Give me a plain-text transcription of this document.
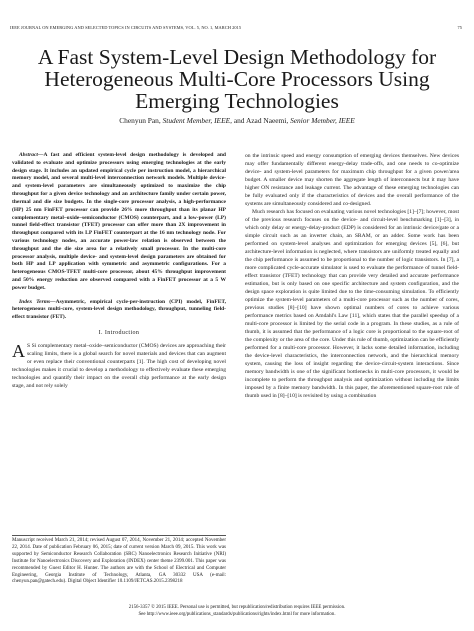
IEEE JOURNAL ON EMERGING AND SELECTED TOPICS IN CIRCUITS AND SYSTEMS, VOL. 5, NO. 1, MARCH 2015	75
A Fast System-Level Design Methodology for
Heterogeneous Multi-Core Processors Using
Emerging Technologies
Chenyun Pan, Student Member, IEEE, and Azad Naeemi, Senior Member, IEEE

Abstract—A fast and efficient system-level design methodology is developed and validated to evaluate and optimize processors using emerging technologies at the early design stage. It includes an updated empirical cycle per instruction model, a hierarchical memory model, and several multi-level interconnection network models. Multiple device- and system-level parameters are simultaneously optimized to maximize the chip throughput for a given device technology and an architecture family under certain power, thermal and die size budgets. In the single-core processor analysis, a high-performance (HP) 25 nm FinFET processor can provide 26% more throughput than its planar HP complementary metal–oxide–semiconductor (CMOS) counterpart, and a low-power (LP) tunnel field-effect transistor (TFET) processor can offer more than 2X improvement in throughput compared with its LP FinFET counterpart at the 16 nm technology node. For various technology nodes, an accurate power-law relation is observed between the throughput and the die size area for a relatively small processor. In the multi-core processor analysis, multiple device- and system-level design parameters are obtained for both HP and LP application with symmetric and asymmetric configurations. For a heterogeneous CMOS-TFET multi-core processor, about 45% throughput improvement and 50% energy reduction are observed compared with a FinFET processor at a 5 W power budget.

Index Terms—Asymmetric, empirical cycle-per-instruction (CPI) model, FinFET, heterogeneous multi-core, system-level design methodology, throughput, tunneling field-effect transistor (FET).

I. Introduction
A S Si complementary metal–oxide–semiconductor (CMOS) devices are approaching their scaling limits, there is a global search for novel materials and devices that can augment or even replace their conventional counterparts [1]. The high cost of developing novel technologies makes it crucial to develop a methodology to effectively evaluate these emerging technologies and quantify their impact on the overall chip performance at the early design stage, and not rely solely
Manuscript received March 21, 2014; revised August 07, 2014, November 21, 2014; accepted November 22, 2014. Date of publication February 06, 2015; date of current version March 09, 2015. This work was supported by Semiconductor Research Collaboration (SRC) Nanoelectronics Research Initiative (NRI) Institute for Nanoelectronics Discovery and Exploration (INDEX) center theme 2399.001. This paper was recommended by Guest Editor H. Hunter. The authors are with the School of Electrical and Computer Engineering, Georgia Institute of Technology, Atlanta, GA 30332 USA (e-mail: chenyun.pan@gatech.edu). Digital Object Identifier 10.1109/JETCAS.2015.2398218

on the intrinsic speed and energy consumption of emerging devices themselves. New devices may offer fundamentally different energy-delay trade-offs, and one needs to co-optimize device- and system-level parameters for maximum chip throughput for a given power/area budget. A smaller device may shorten the aggregate length of interconnects but it may have higher ON resistance and leakage current. The advantage of these emerging technologies can be fully evaluated only if the characteristics of devices and the overall performance of the systems are simultaneously considered and co-designed.

Much research has focused on evaluating various novel technologies [1]–[7]; however, most of the previous research focuses on the device- and circuit-level benchmarking [1]–[3], in which only delay or energy-delay-product (EDP) is considered for an intrinsic device/gate or a simple circuit such as an inverter chain, an SRAM, or an adder. Some work has been performed on system-level analyses and optimization for emerging devices [5], [6], but architecture-level information is neglected, where transistors are uniformly treated equally and the chip performance is assumed to be proportional to the number of logic transistors. In [7], a more complicated cycle-accurate simulator is used to evaluate the performance of tunnel field-effect transistor (TFET) technology that can provide very detailed and accurate performance estimation, but is only based on one specific architecture and system configuration, and the design space exploration is quite limited due to the time-consuming simulation. To efficiently optimize the system-level parameters of a multi-core processor such as the number of cores, previous studies [8]–[10] have shown optimal numbers of cores to achieve various performance metrics based on Amdahl's Law [11], which states that the parallel speedup of a multi-core processor is limited by the serial code in a program. In these studies, as a rule of thumb, it is assumed that the performance of a logic core is proportional to the square-root of the complexity or the area of the core. Under this rule of thumb, optimization can be efficiently performed for a multi-core processor. However, it lacks some detailed information, including the device-level characteristics, the interconnection network, and the hierarchical memory system, causing the loss of insight regarding the device-circuit-system interactions. Since memory bandwidth is one of the significant bottlenecks in multi-core processors, it would be incomplete to perform the throughput analysis and optimization without including the limits imposed by a finite memory bandwidth. In this paper, the aforementioned square-root rule of thumb used in [8]–[10] is revisited by using a combination

2156-3357 © 2015 IEEE. Personal use is permitted, but republication/redistribution requires IEEE permission.
See http://www.ieee.org/publications_standards/publications/rights/index.html for more information.
